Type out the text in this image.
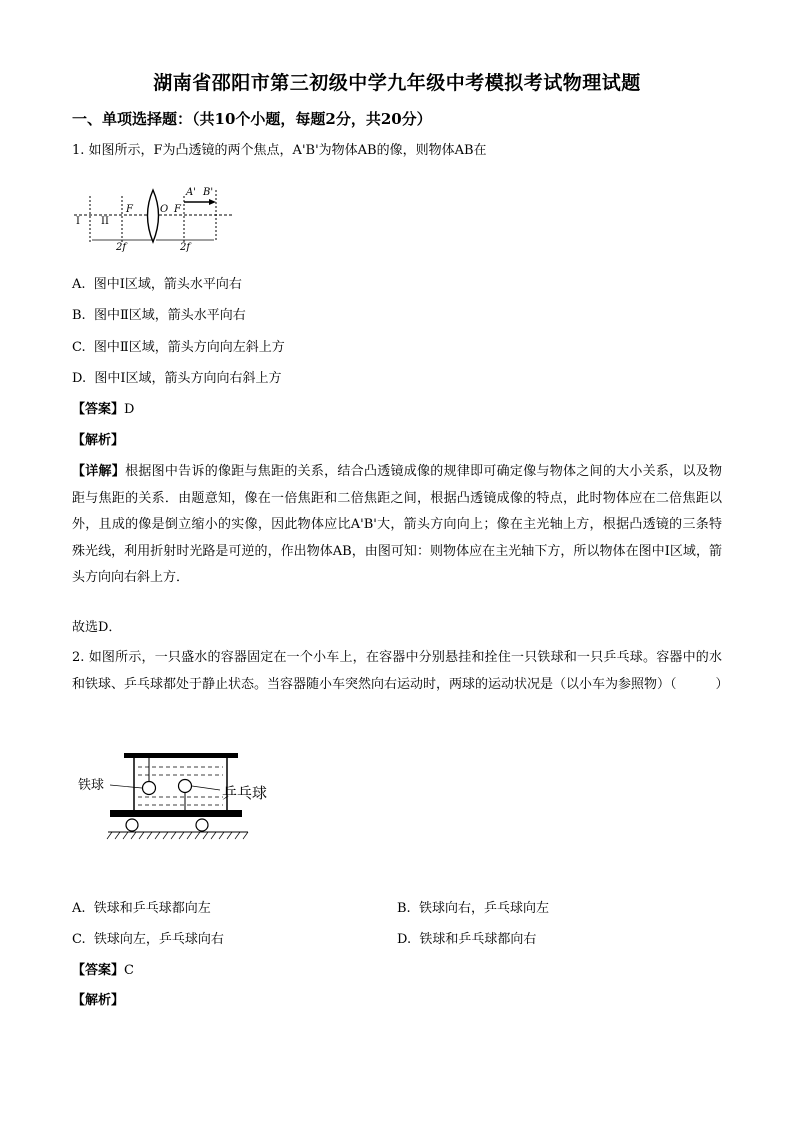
湖南省邵阳市第三初级中学九年级中考模拟考试物理试题
一、单项选择题：（共10个小题，每题2分，共20分）
1. 如图所示，F为凸透镜的两个焦点，A'B'为物体AB的像，则物体AB在
I II
F	O F
A' B'
2f	2f
A. 图中Ⅰ区域，箭头水平向右
B. 图中Ⅱ区域，箭头水平向右
C. 图中Ⅱ区域，箭头方向向左斜上方
D. 图中Ⅰ区域，箭头方向向右斜上方
【答案】D
【解析】
【详解】根据图中告诉的像距与焦距的关系，结合凸透镜成像的规律即可确定像与物体之间的大小关系，以及物距与焦距的关系．由题意知，像在一倍焦距和二倍焦距之间，根据凸透镜成像的特点，此时物体应在二倍焦距以外，且成的像是倒立缩小的实像，因此物体应比A'B'大，箭头方向向上；像在主光轴上方，根据凸透镜的三条特殊光线，利用折射时光路是可逆的，作出物体AB，由图可知：则物体应在主光轴下方，所以物体在图中Ⅰ区域，箭头方向向右斜上方．
故选D．
2. 如图所示，一只盛水的容器固定在一个小车上，在容器中分别悬挂和拴住一只铁球和一只乒乓球。容器中的水和铁球、乒乓球都处于静止状态。当容器随小车突然向右运动时，两球的运动状况是（以小车为参照物）（　　　）
铁球	乒乓球
A. 铁球和乒乓球都向左	B. 铁球向右，乒乓球向左
C. 铁球向左，乒乓球向右	D. 铁球和乒乓球都向右
【答案】C
【解析】
